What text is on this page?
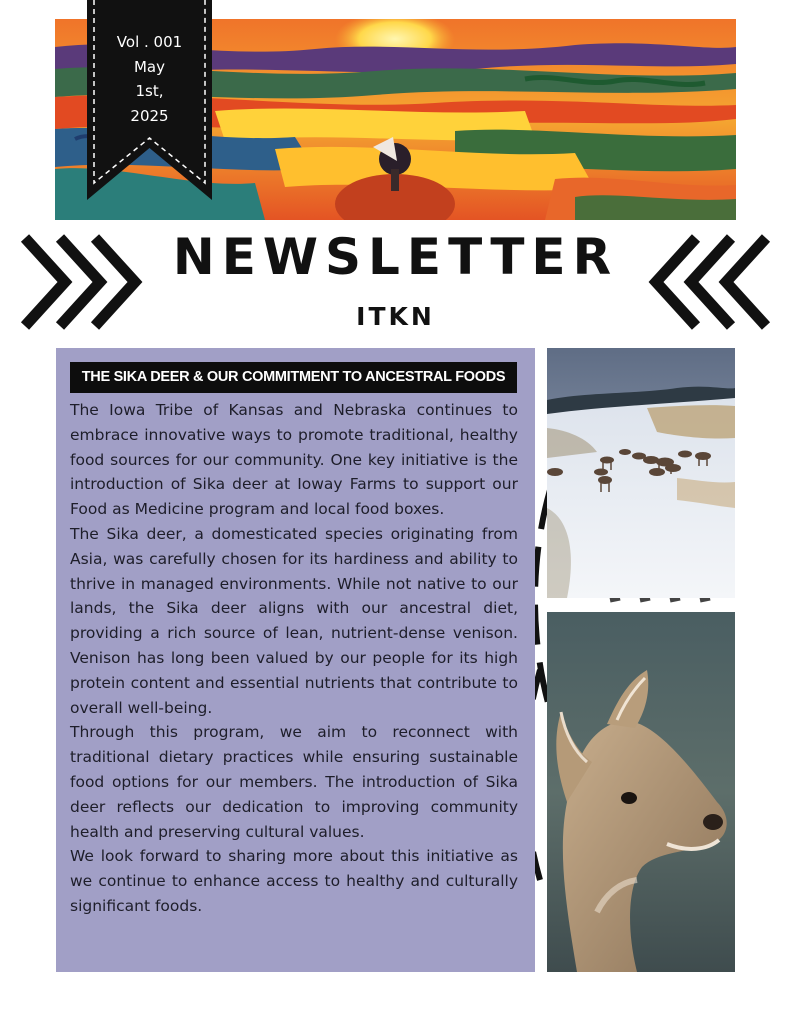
Vol . 001
May
1st,
2025
NEWSLETTER
ITKN
THE SIKA DEER & OUR COMMITMENT TO ANCESTRAL FOODS

The Iowa Tribe of Kansas and Nebraska continues to embrace innovative ways to promote traditional, healthy food sources for our community. One key initiative is the introduction of Sika deer at Ioway Farms to support our Food as Medicine program and local food boxes.

The Sika deer, a domesticated species originating from Asia, was carefully chosen for its hardiness and ability to thrive in managed environments. While not native to our lands, the Sika deer aligns with our ancestral diet, providing a rich source of lean, nutrient-dense venison. Venison has long been valued by our people for its high protein content and essential nutrients that contribute to overall well-being.

Through this program, we aim to reconnect with traditional dietary practices while ensuring sustainable food options for our members. The introduction of Sika deer reflects our dedication to improving community health and preserving cultural values.

We look forward to sharing more about this initiative as we continue to enhance access to healthy and culturally significant foods.
